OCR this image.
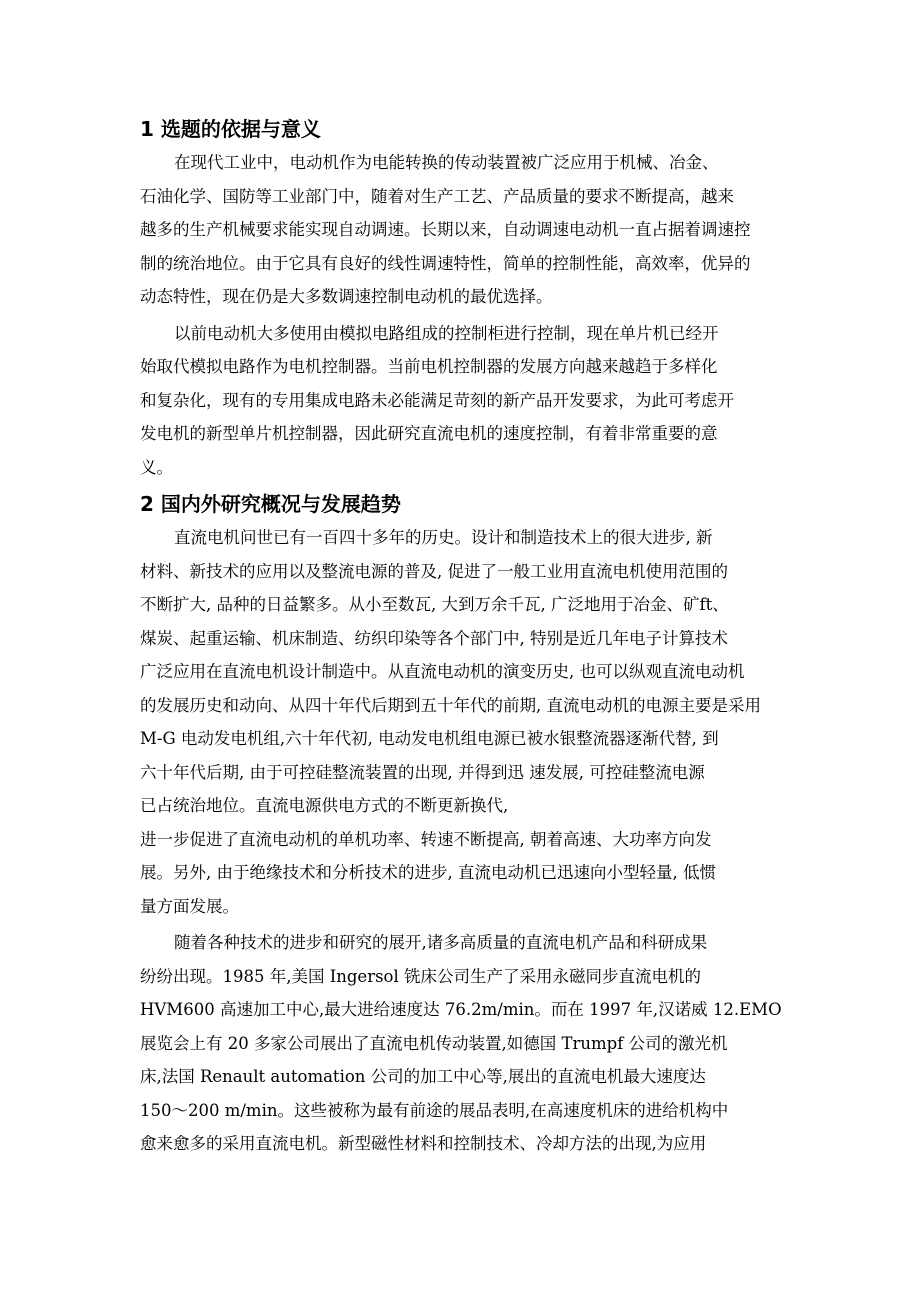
1 选题的依据与意义
在现代工业中，电动机作为电能转换的传动装置被广泛应用于机械、冶金、
石油化学、国防等工业部门中，随着对生产工艺、产品质量的要求不断提高，越来
越多的生产机械要求能实现自动调速。长期以来，自动调速电动机一直占据着调速控
制的统治地位。由于它具有良好的线性调速特性，简单的控制性能，高效率，优异的
动态特性，现在仍是大多数调速控制电动机的最优选择。
以前电动机大多使用由模拟电路组成的控制柜进行控制，现在单片机已经开
始取代模拟电路作为电机控制器。当前电机控制器的发展方向越来越趋于多样化
和复杂化，现有的专用集成电路未必能满足苛刻的新产品开发要求，为此可考虑开
发电机的新型单片机控制器，因此研究直流电机的速度控制，有着非常重要的意
义。
2 国内外研究概况与发展趋势
直流电机问世已有一百四十多年的历史。设计和制造技术上的很大进步, 新
材料、新技术的应用以及整流电源的普及, 促进了一般工业用直流电机使用范围的
不断扩大, 品种的日益繁多。从小至数瓦, 大到万余千瓦, 广泛地用于冶金、矿ft、
煤炭、起重运输、机床制造、纺织印染等各个部门中, 特别是近几年电子计算技术
广泛应用在直流电机设计制造中。从直流电动机的演变历史, 也可以纵观直流电动机
的发展历史和动向、从四十年代后期到五十年代的前期, 直流电动机的电源主要是采用
M-G 电动发电机组,六十年代初, 电动发电机组电源已被水银整流器逐渐代替, 到
六十年代后期, 由于可控硅整流装置的出现, 并得到迅 速发展, 可控硅整流电源
已占统治地位。直流电源供电方式的不断更新换代,
进一步促进了直流电动机的单机功率、转速不断提高, 朝着高速、大功率方向发
展。另外, 由于绝缘技术和分析技术的进步, 直流电动机已迅速向小型轻量, 低惯
量方面发展。
随着各种技术的进步和研究的展开,诸多高质量的直流电机产品和科研成果
纷纷出现。1985 年,美国 Ingersol 铣床公司生产了采用永磁同步直流电机的
HVM600 高速加工中心,最大进给速度达 76.2m/min。而在 1997 年,汉诺威 12.EMO
展览会上有 20 多家公司展出了直流电机传动装置,如德国 Trumpf 公司的激光机
床,法国 Renault automation 公司的加工中心等,展出的直流电机最大速度达
150～200 m/min。这些被称为最有前途的展品表明,在高速度机床的进给机构中
愈来愈多的采用直流电机。新型磁性材料和控制技术、冷却方法的出现,为应用
